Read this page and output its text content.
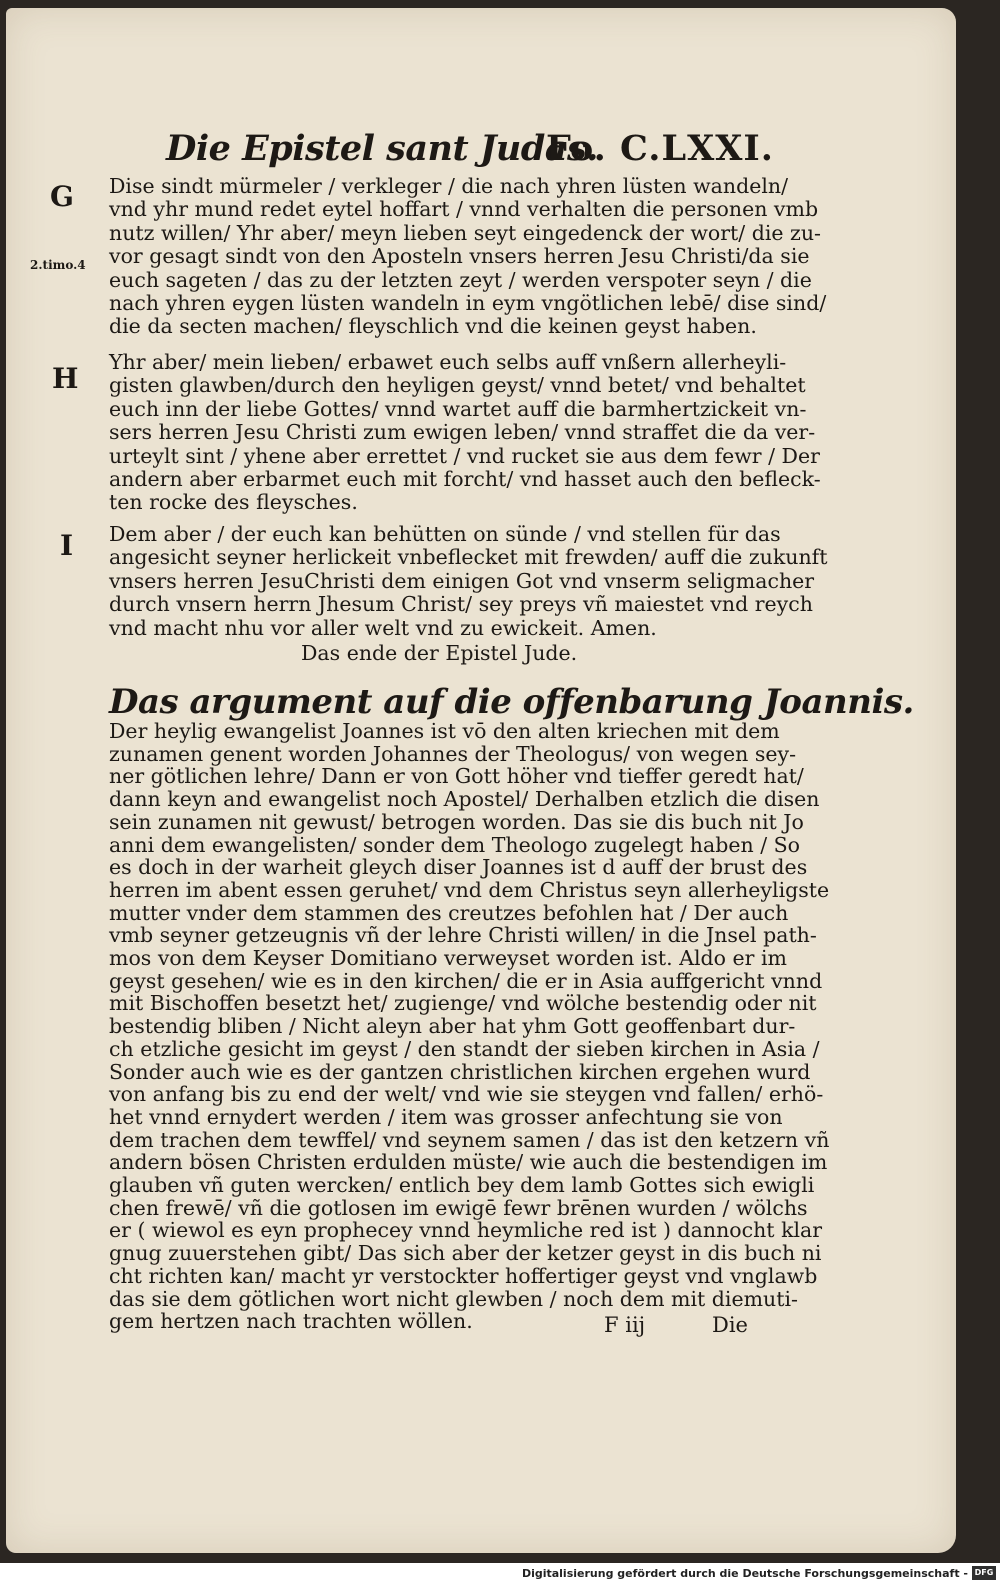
Die Epistel sant Judas.
Fo. C.LXXI.
G
2.timo.4
H
I
Dise sindt mürmeler / verkleger / die nach yhren lüsten wandeln/
vnd yhr mund redet eytel hoffart / vnnd verhalten die personen vmb
nutz willen/ Yhr aber/ meyn lieben seyt eingedenck der wort/ die zu-
vor gesagt sindt von den Aposteln vnsers herren Jesu Christi/da sie
euch sageten / das zu der letzten zeyt / werden verspoter seyn / die
nach yhren eygen lüsten wandeln in eym vngötlichen lebē/ dise sind/
die da secten machen/ fleyschlich vnd die keinen geyst haben.
Yhr aber/ mein lieben/ erbawet euch selbs auff vnßern allerheyli-
gisten glawben/durch den heyligen geyst/ vnnd betet/ vnd behaltet
euch inn der liebe Gottes/ vnnd wartet auff die barmhertzickeit vn-
sers herren Jesu Christi zum ewigen leben/ vnnd straffet die da ver-
urteylt sint / yhene aber errettet / vnd rucket sie aus dem fewr / Der
andern aber erbarmet euch mit forcht/ vnd hasset auch den befleck-
ten rocke des fleysches.
Dem aber / der euch kan behütten on sünde / vnd stellen für das
angesicht seyner herlickeit vnbeflecket mit frewden/ auff die zukunft
vnsers herren JesuChristi dem einigen Got vnd vnserm seligmacher
durch vnsern herrn Jhesum Christ/ sey preys vñ maiestet vnd reych
vnd macht nhu vor aller welt vnd zu ewickeit. Amen.
Das ende der Epistel Jude.
Das argument auf die offenbarung Joannis.
Der heylig ewangelist Joannes ist vō den alten kriechen mit dem
zunamen genent worden Johannes der Theologus/ von wegen sey-
ner götlichen lehre/ Dann er von Gott höher vnd tieffer geredt hat/
dann keyn and ewangelist noch Apostel/ Derhalben etzlich die disen
sein zunamen nit gewust/ betrogen worden. Das sie dis buch nit Jo
anni dem ewangelisten/ sonder dem Theologo zugelegt haben / So
es doch in der warheit gleych diser Joannes ist d auff der brust des
herren im abent essen geruhet/ vnd dem Christus seyn allerheyligste
mutter vnder dem stammen des creutzes befohlen hat / Der auch
vmb seyner getzeugnis vñ der lehre Christi willen/ in die Jnsel path-
mos von dem Keyser Domitiano verweyset worden ist. Aldo er im
geyst gesehen/ wie es in den kirchen/ die er in Asia auffgericht vnnd
mit Bischoffen besetzt het/ zugienge/ vnd wölche bestendig oder nit
bestendig bliben / Nicht aleyn aber hat yhm Gott geoffenbart dur-
ch etzliche gesicht im geyst / den standt der sieben kirchen in Asia /
Sonder auch wie es der gantzen christlichen kirchen ergehen wurd
von anfang bis zu end der welt/ vnd wie sie steygen vnd fallen/ erhö-
het vnnd ernydert werden / item was grosser anfechtung sie von
dem trachen dem tewffel/ vnd seynem samen / das ist den ketzern vñ
andern bösen Christen erdulden müste/ wie auch die bestendigen im
glauben vñ guten wercken/ entlich bey dem lamb Gottes sich ewigli
chen frewē/ vñ die gotlosen im ewigē fewr brēnen wurden / wölchs
er ( wiewol es eyn prophecey vnnd heymliche red ist ) dannocht klar
gnug zuuerstehen gibt/ Das sich aber der ketzer geyst in dis buch ni
cht richten kan/ macht yr verstockter hoffertiger geyst vnd vnglawb
das sie dem götlichen wort nicht glewben / noch dem mit diemuti-
gem hertzen nach trachten wöllen.	F iij	Die
Digitalisierung gefördert durch die Deutsche Forschungsgemeinschaft - DFG
